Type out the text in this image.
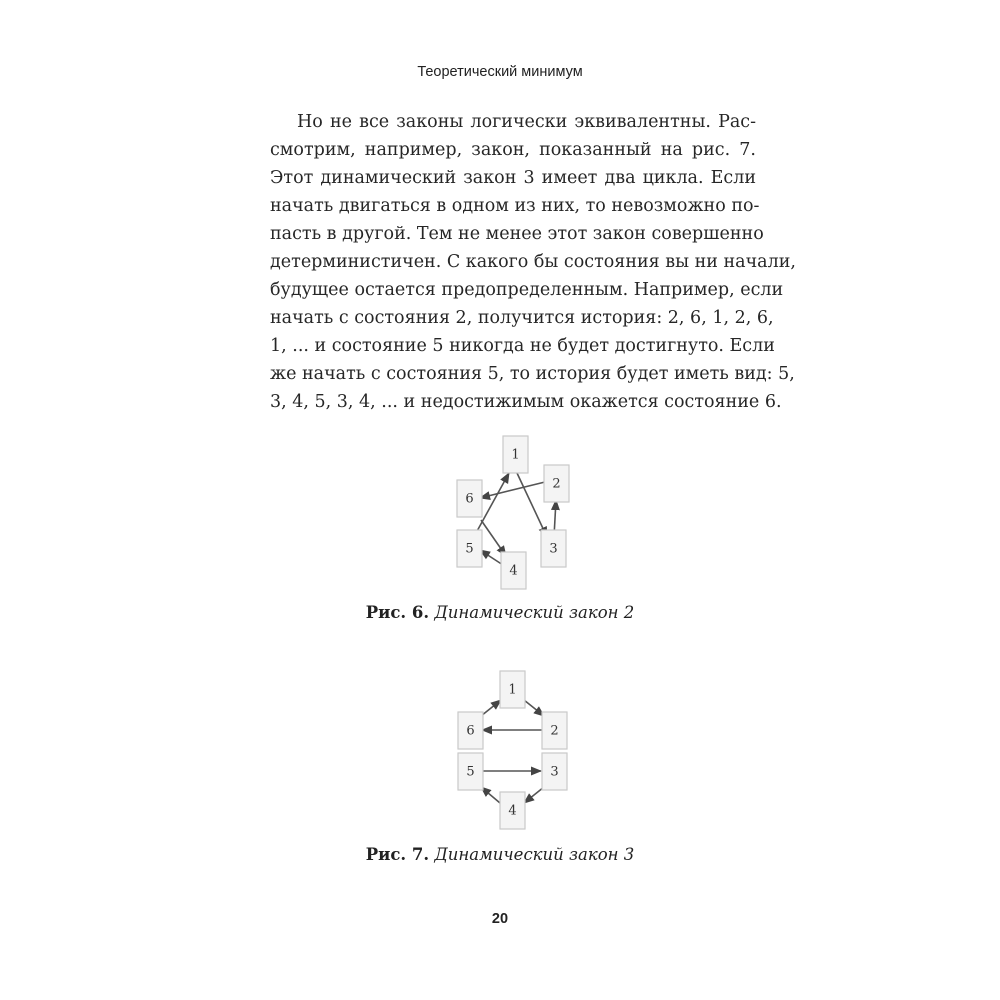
Теоретический минимум
Но не все законы логически эквивалентны. Рас-
смотрим, например, закон, показанный на рис. 7.
Этот динамический закон 3 имеет два цикла. Если
начать двигаться в одном из них, то невозможно по-
пасть в другой. Тем не менее этот закон совершенно
детерминистичен. С какого бы состояния вы ни начали,
будущее остается предопределенным. Например, если
начать с состояния 2, получится история: 2, 6, 1, 2, 6,
1, ... и состояние 5 никогда не будет достигнуто. Если
же начать с состояния 5, то история будет иметь вид: 5,
3, 4, 5, 3, 4, ... и недостижимым окажется состояние 6.
1
2
3
4
5
6
Рис. 6. Динамический закон 2
1
2
3
4
5
6
Рис. 7. Динамический закон 3
20
